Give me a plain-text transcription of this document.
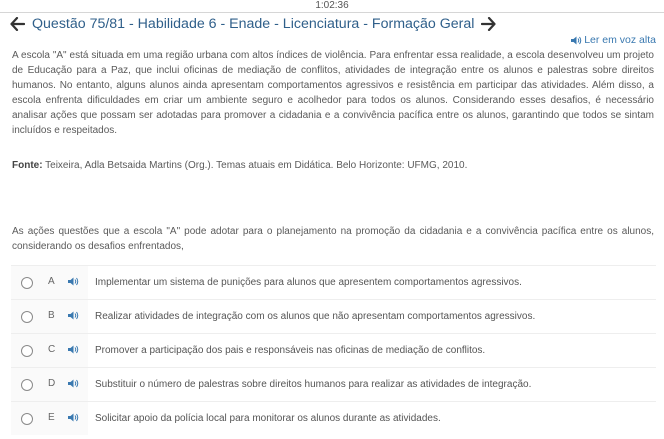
1:02:36
Questão 75/81 - Habilidade 6 - Enade - Licenciatura - Formação Geral
Ler em voz alta

A escola "A" está situada em uma região urbana com altos índices de violência. Para enfrentar essa realidade, a escola desenvolveu um projeto de Educação para a Paz, que inclui oficinas de mediação de conflitos, atividades de integração entre os alunos e palestras sobre direitos humanos. No entanto, alguns alunos ainda apresentam comportamentos agressivos e resistência em participar das atividades. Além disso, a escola enfrenta dificuldades em criar um ambiente seguro e acolhedor para todos os alunos. Considerando esses desafios, é necessário analisar ações que possam ser adotadas para promover a cidadania e a convivência pacífica entre os alunos, garantindo que todos se sintam incluídos e respeitados.

Fonte: Teixeira, Adla Betsaida Martins (Org.). Temas atuais em Didática. Belo Horizonte: UFMG, 2010.

As ações questões que a escola "A" pode adotar para o planejamento na promoção da cidadania e a convivência pacífica entre os alunos, considerando os desafios enfrentados,

A	Implementar um sistema de punições para alunos que apresentem comportamentos agressivos.
B	Realizar atividades de integração com os alunos que não apresentam comportamentos agressivos.
C	Promover a participação dos pais e responsáveis nas oficinas de mediação de conflitos.
D	Substituir o número de palestras sobre direitos humanos para realizar as atividades de integração.
E	Solicitar apoio da polícia local para monitorar os alunos durante as atividades.
